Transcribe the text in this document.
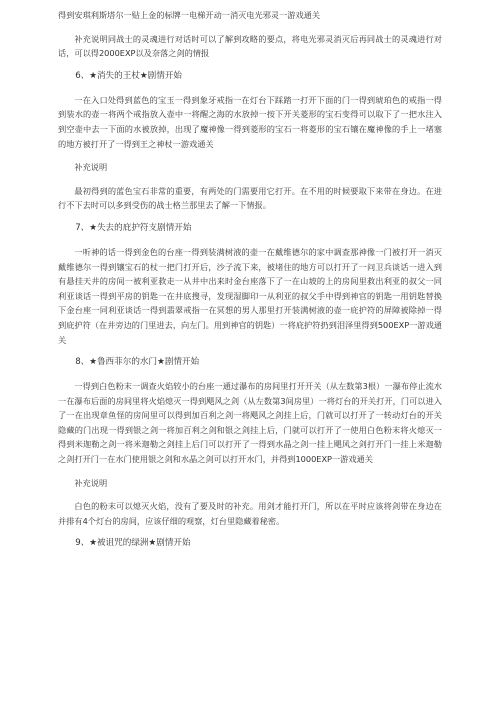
得到安琪利斯塔尔一贴上金的标牌一电梯开动一消灭电光邪灵一游戏通关

补充说明同战士的灵魂进行对话时可以了解到攻略的要点，将电光邪灵消灭后再同战士的灵魂进行对话，可以得2000EXP以及奈落之剑的情报

6、★消失的王杖★剧情开始

一在入口处得到蓝色的宝玉一得到象牙戒指一在灯台下踩踏一打开下面的门一得到琥珀色的戒指一得到装水的壶一将两个戒指放入壶中一将醒之海的水放掉一按下开关菱形的宝石变得可以取下了一把水注入到空壶中去一下面的水被放掉，出现了魔神像一得到菱形的宝石一将菱形的宝石镶在魔神像的手上一堵塞的地方被打开了一得到王之神杖一游戏通关

补充说明

最初得到的蓝色宝石非常的重要，有两处的门需要用它打开。在不用的时候要取下来带在身边。在进行不下去时可以多到受伤的战士格兰那里去了解一下情报。

7、★失去的庇护符支剧情开始

一听神的话一得到金色的台座一得到装满树液的壶一在戴维德尔的家中调查那神像一门被打开一消灭戴维德尔一得到镶宝石的杖一把门打开后，沙子流下来，被堵住的地方可以打开了一问卫兵谈话一进入到有悬挂天井的房间一被利亚救走一从井中出来时金台座落下了一在山坡的上的房间里救出利亚的叔父一同利亚谈话一得到平房的钥匙一在井底搜寻，发现湿脚印一从利亚的叔父手中得到神官的钥匙一用钥匙替换下金台座一同利亚谈话一得到翡翠戒指一在冥想的男人那里打开装满树液的壶一庇护符的屏障被除掉一得到庇护符（在井旁边的门里进去，向左门。用到神官的钥匙）一将庇护符扔到泪泽里得到500EXP一游戏通关

8、★鲁西菲尔的水门★剧情开始

一得到白色粉末一调查火焰较小的台座一通过瀑布的房间里打开开关（从左数第3根）一瀑布停止流水一在瀑布后面的房间里将火焰熄灭一得到飓风之剑（从左数第3间房里）一将灯台的开关打开，门可以进入了一在出现章鱼怪的房间里可以得到加百利之剑一将飓风之剑挂上后，门就可以打开了一转动灯台的开关隐藏的门出现一得到银之剑一将加百利之剑和银之剑挂上后，门就可以打开了一使用白色粉末将火熄灭一得到米迦勒之剑一将米迦勒之剑挂上后门可以打开了一得到水晶之剑一挂上飓风之剑打开门一挂上米迦勒之剑打开门一在水门使用银之剑和水晶之剑可以打开水门，并得到1000EXP一游戏通关

补充说明

白色的粉末可以熄灭火焰，没有了要及时的补充。用剑才能打开门，所以在平时应该将剑带在身边在并排有4个灯台的房间，应该仔细的观察，灯台里隐藏着秘密。

9、★被诅咒的绿洲★剧情开始
